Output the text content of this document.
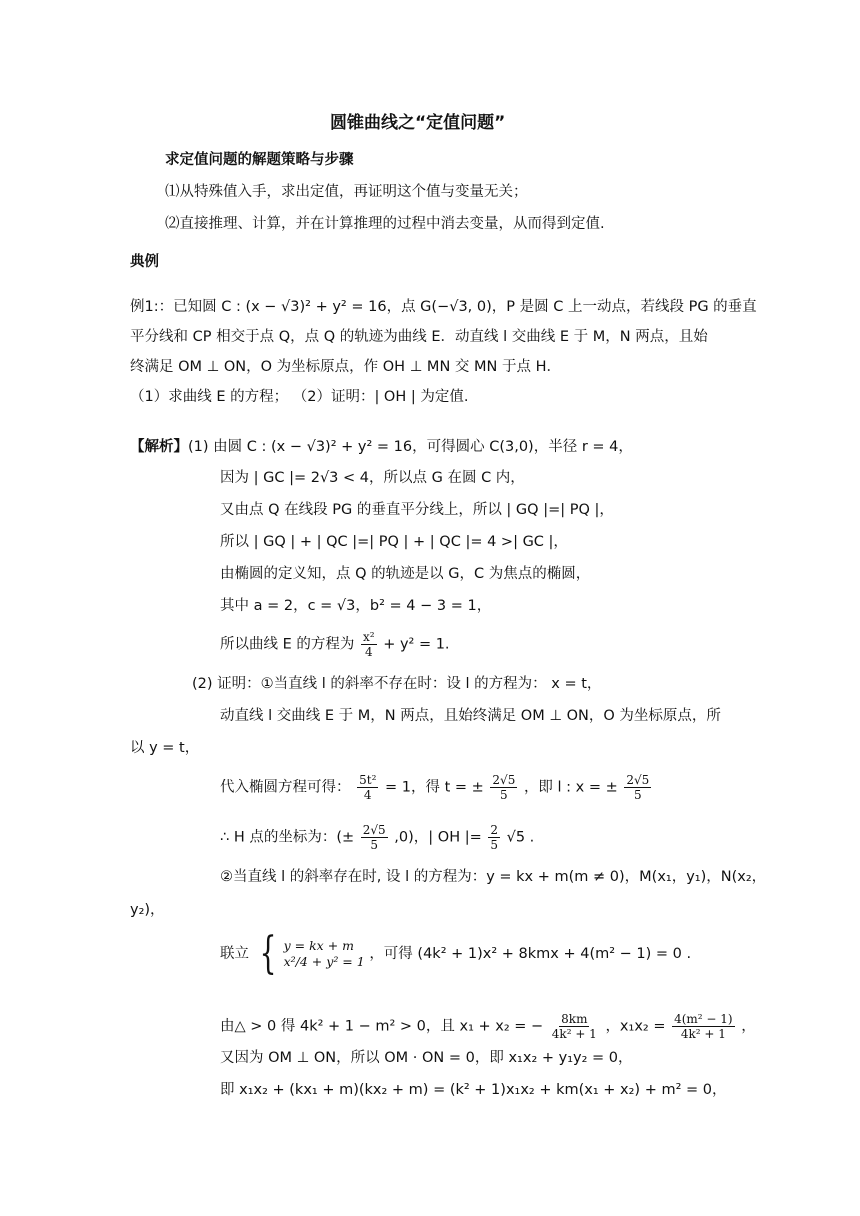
圆锥曲线之“定值问题”
求定值问题的解题策略与步骤
⑴从特殊值入手，求出定值，再证明这个值与变量无关；
⑵直接推理、计算，并在计算推理的过程中消去变量，从而得到定值.
典例
例1:：已知圆 C : (x − √3)² + y² = 16，点 G(−√3, 0)，P 是圆 C 上一动点，若线段 PG 的垂直
平分线和 CP 相交于点 Q，点 Q 的轨迹为曲线 E．动直线 l 交曲线 E 于 M，N 两点，且始
终满足 OM ⊥ ON，O 为坐标原点，作 OH ⊥ MN 交 MN 于点 H．
（1）求曲线 E 的方程； （2）证明：| OH | 为定值.
【解析】(1) 由圆 C : (x − √3)² + y² = 16，可得圆心 C(3,0)，半径 r = 4，
因为 | GC |= 2√3 < 4，所以点 G 在圆 C 内，
又由点 Q 在线段 PG 的垂直平分线上，所以 | GQ |=| PQ |，
所以 | GQ | + | QC |=| PQ | + | QC |= 4 >| GC |，
由椭圆的定义知，点 Q 的轨迹是以 G，C 为焦点的椭圆，
其中 a = 2，c = √3，b² = 4 − 3 = 1，
所以曲线 E 的方程为 $\frac{\text{x²}}{4} + y^2 = 1$.
(2) 证明：①当直线 l 的斜率不存在时：设 l 的方程为： x = t，
动直线 l 交曲线 E 于 M，N 两点，且始终满足 OM ⊥ ON，O 为坐标原点，所
以 y = t，
代入椭圆方程可得： $\frac{\text{5t²}}{4} = 1$，得 t = ± $\frac{2√5}{5}$ ，即 l : x = ± $\frac{2√5}{5}$
∴ H 点的坐标为：(± $\frac{2√5}{5} ,0$)，| OH |= $\frac{2}{5} √5$ .
②当直线 l 的斜率存在时, 设 l 的方程为：y = kx + m(m ≠ 0)，M(x₁，y₁)，N(x₂，
y₂)，
联立 { y = kx + m
x²/4 + y² = 1 ，可得 (4k² + 1)x² + 8kmx + 4(m² − 1) = 0 .
由△ > 0 得 4k² + 1 − m² > 0，且 x₁ + x₂ = − $\frac{8km}{\text{4k² + 1}}$ ，$x_1x_2 = \frac{\text{4(m² − 1)}}{\text{4k² + 1}}$ ，
又因为 OM ⊥ ON，所以 OM · ON = 0，即 x₁x₂ + y₁y₂ = 0，
即 x₁x₂ + (kx₁ + m)(kx₂ + m) = (k² + 1)x₁x₂ + km(x₁ + x₂) + m² = 0，
